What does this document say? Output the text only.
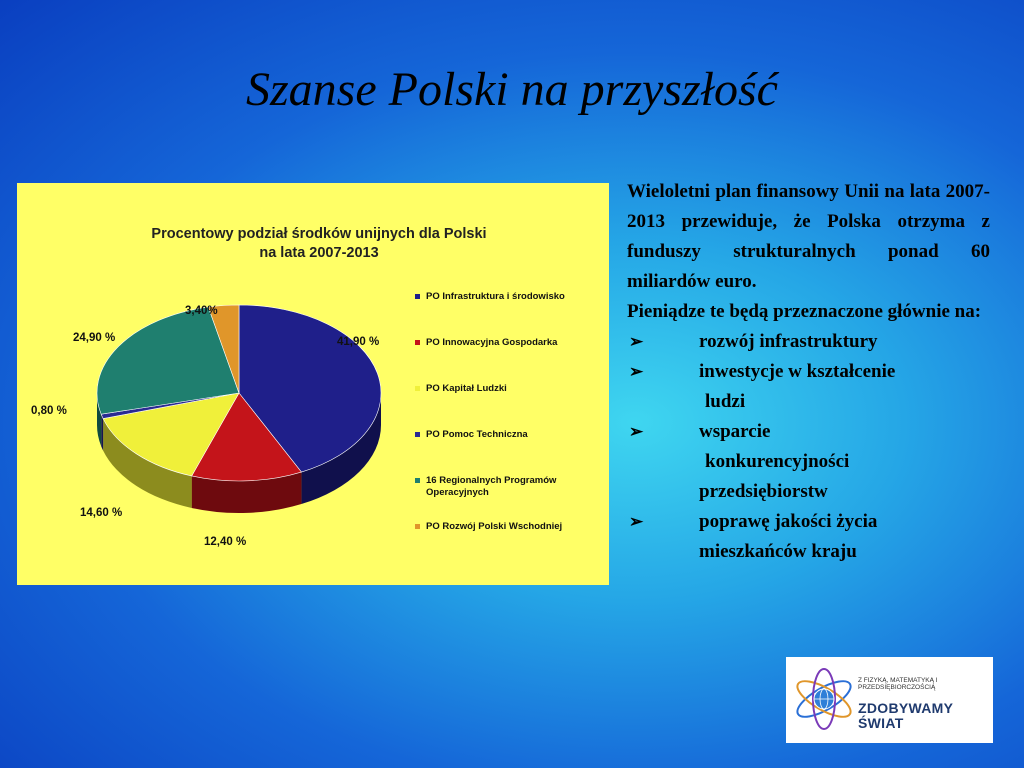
Szanse Polski na przyszłość
Procentowy podział środków unijnych dla Polski
na lata 2007-2013
41,90 %
12,40 %
14,60 %
0,80 %
24,90 %
3,40%
PO Infrastruktura i środowisko
PO Innowacyjna Gospodarka
PO Kapitał Ludzki
PO Pomoc Techniczna
16 Regionalnych Programów Operacyjnych
PO Rozwój Polski Wschodniej

Wieloletni plan finansowy Unii na lata 2007-2013 przewiduje, że Polska otrzyma z funduszy strukturalnych ponad 60 miliardów euro.

Pieniądze te będą przeznaczone głównie na:

➢	rozwój infrastruktury
➢	inwestycje w kształcenie
ludzi
➢	wsparcie
konkurencyjności
przedsiębiorstw
➢	poprawę jakości życia
mieszkańców kraju
Z FIZYKĄ, MATEMATYKĄ I PRZEDSIĘBIORCZOŚCIĄ
ZDOBYWAMY
ŚWIAT
